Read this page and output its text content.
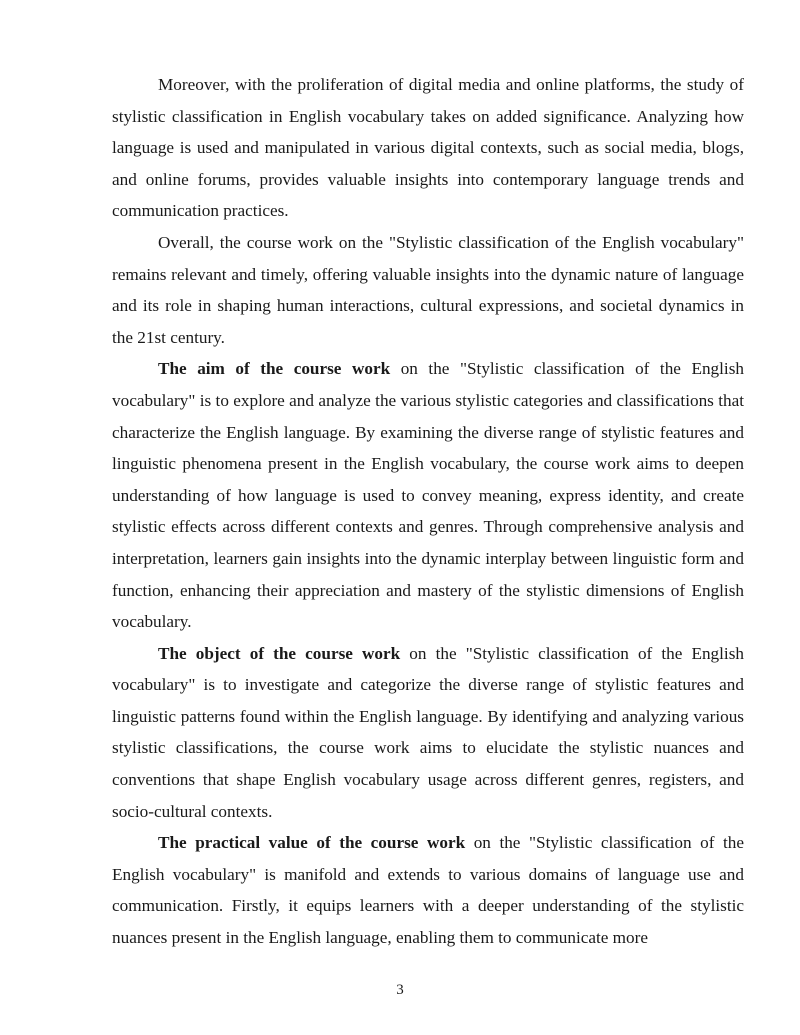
Moreover, with the proliferation of digital media and online platforms, the study of stylistic classification in English vocabulary takes on added significance. Analyzing how language is used and manipulated in various digital contexts, such as social media, blogs, and online forums, provides valuable insights into contemporary language trends and communication practices.

Overall, the course work on the "Stylistic classification of the English vocabulary" remains relevant and timely, offering valuable insights into the dynamic nature of language and its role in shaping human interactions, cultural expressions, and societal dynamics in the 21st century.

The aim of the course work on the "Stylistic classification of the English vocabulary" is to explore and analyze the various stylistic categories and classifications that characterize the English language. By examining the diverse range of stylistic features and linguistic phenomena present in the English vocabulary, the course work aims to deepen understanding of how language is used to convey meaning, express identity, and create stylistic effects across different contexts and genres. Through comprehensive analysis and interpretation, learners gain insights into the dynamic interplay between linguistic form and function, enhancing their appreciation and mastery of the stylistic dimensions of English vocabulary.

The object of the course work on the "Stylistic classification of the English vocabulary" is to investigate and categorize the diverse range of stylistic features and linguistic patterns found within the English language. By identifying and analyzing various stylistic classifications, the course work aims to elucidate the stylistic nuances and conventions that shape English vocabulary usage across different genres, registers, and socio-cultural contexts.

The practical value of the course work on the "Stylistic classification of the English vocabulary" is manifold and extends to various domains of language use and communication. Firstly, it equips learners with a deeper understanding of the stylistic nuances present in the English language, enabling them to communicate more

3
